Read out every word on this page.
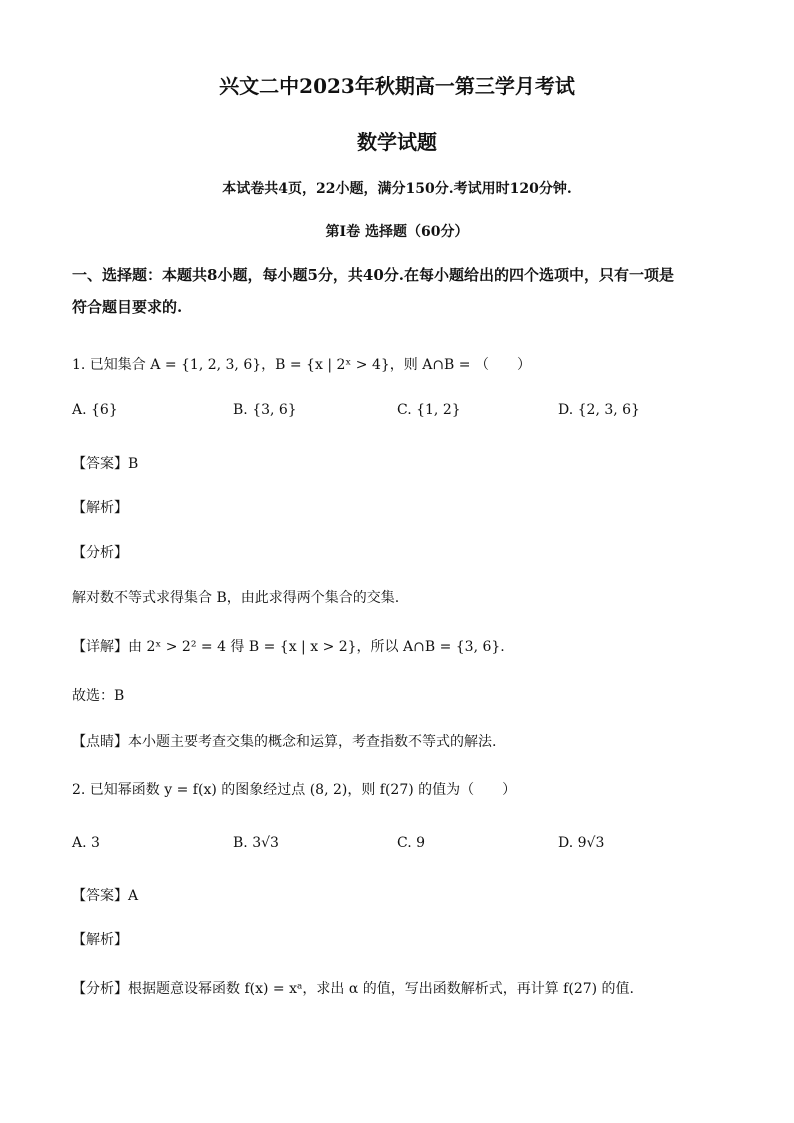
兴文二中2023年秋期高一第三学月考试
数学试题
本试卷共4页，22小题，满分150分.考试用时120分钟.
第I卷 选择题（60分）
一、选择题：本题共8小题，每小题5分，共40分.在每小题给出的四个选项中，只有一项是
符合题目要求的.
1. 已知集合 A = {1, 2, 3, 6}，B = {x | 2ˣ > 4}，则 A∩B = （　　）
A. {6}	B. {3, 6}	C. {1, 2}	D. {2, 3, 6}
【答案】B
【解析】
【分析】
解对数不等式求得集合 B，由此求得两个集合的交集.
【详解】由 2ˣ > 2² = 4 得 B = {x | x > 2}，所以 A∩B = {3, 6}.
故选：B
【点睛】本小题主要考查交集的概念和运算，考查指数不等式的解法.
2. 已知幂函数 y = f(x) 的图象经过点 (8, 2)，则 f(27) 的值为（　　）
A. 3	B. 3√3	C. 9	D. 9√3
【答案】A
【解析】
【分析】根据题意设幂函数 f(x) = xᵃ，求出 α 的值，写出函数解析式，再计算 f(27) 的值.
